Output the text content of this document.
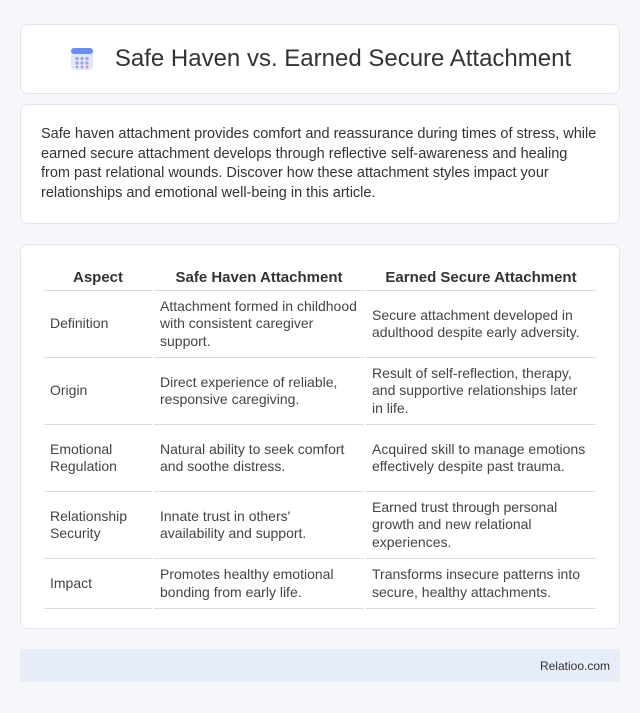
Safe Haven vs. Earned Secure Attachment

Safe haven attachment provides comfort and reassurance during times of stress, while earned secure attachment develops through reflective self-awareness and healing from past relational wounds. Discover how these attachment styles impact your relationships and emotional well-being in this article.

Aspect	Safe Haven Attachment	Earned Secure Attachment
Definition	Attachment formed in childhood with consistent caregiver support.	Secure attachment developed in adulthood despite early adversity.
Origin	Direct experience of reliable, responsive caregiving.	Result of self-reflection, therapy, and supportive relationships later in life.
Emotional Regulation	Natural ability to seek comfort and soothe distress.	Acquired skill to manage emotions effectively despite past trauma.
Relationship Security	Innate trust in others' availability and support.	Earned trust through personal growth and new relational experiences.
Impact	Promotes healthy emotional bonding from early life.	Transforms insecure patterns into secure, healthy attachments.
Relatioo.com
